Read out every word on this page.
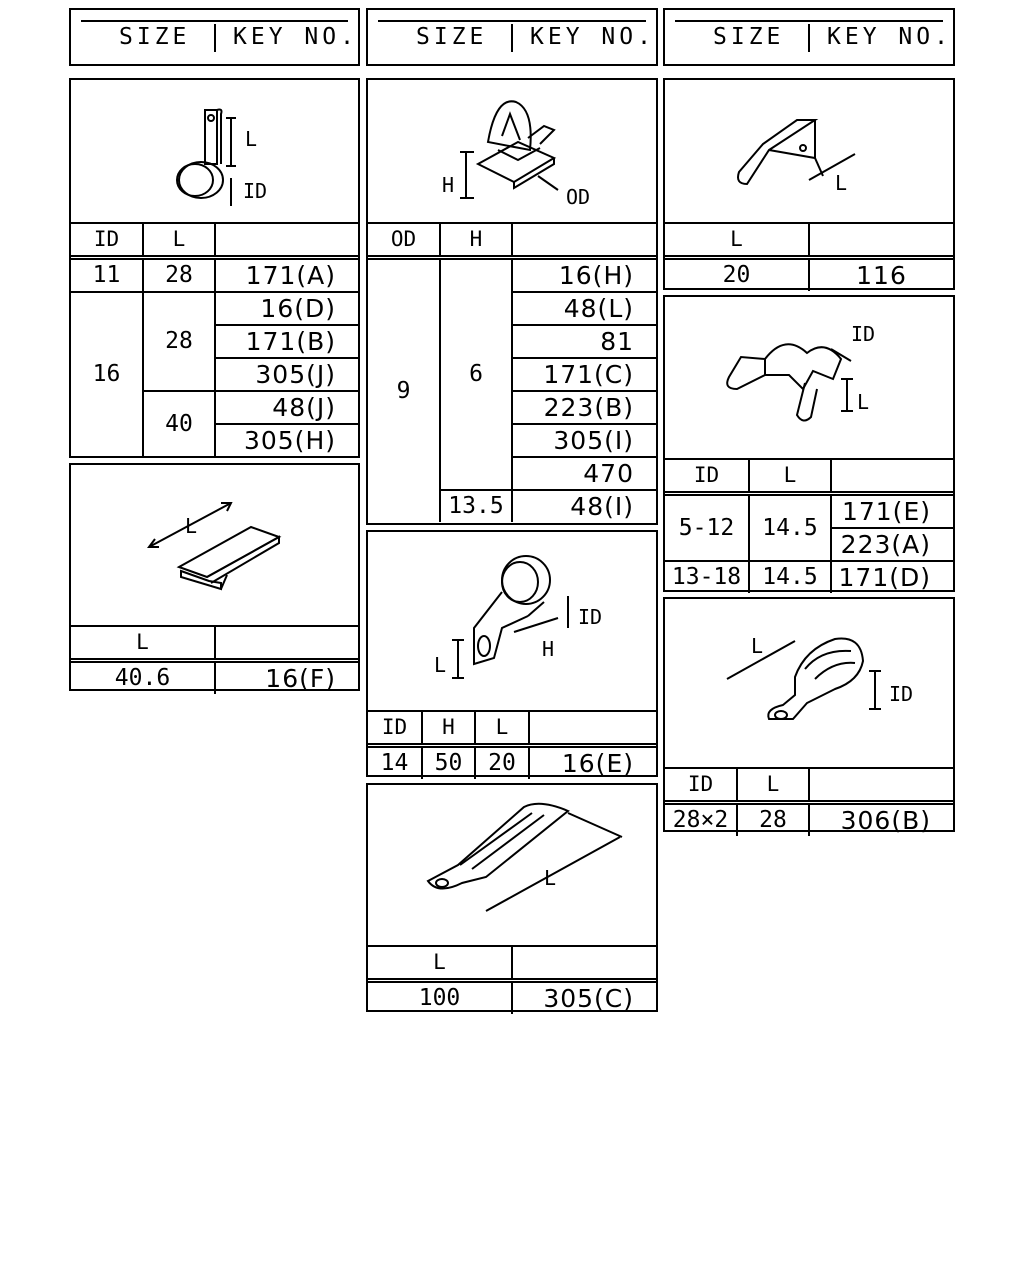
SIZE KEY NO.	SIZE KEY NO.	SIZE KEY NO.
L
ID
ID	L	
11	28	171(A)
16	28	16(D)
		171(B)
		305(J)
	40	48(J)
		305(H)
L
L	
40.6	16(F)
H	OD
OD	H	
9	6	16(H)
		48(L)
		81
		171(C)
		223(B)
		305(I)
		470
	13.5	48(I)
L
H
ID
ID	H	L	
14	50	20	16(E)
L
L	
100	305(C)
L
L	
20	116
ID
L
ID	L	
5-12	14.5	171(E)
		223(A)
13-18	14.5	171(D)
L
ID
ID	L	
28×2	28	306(B)
